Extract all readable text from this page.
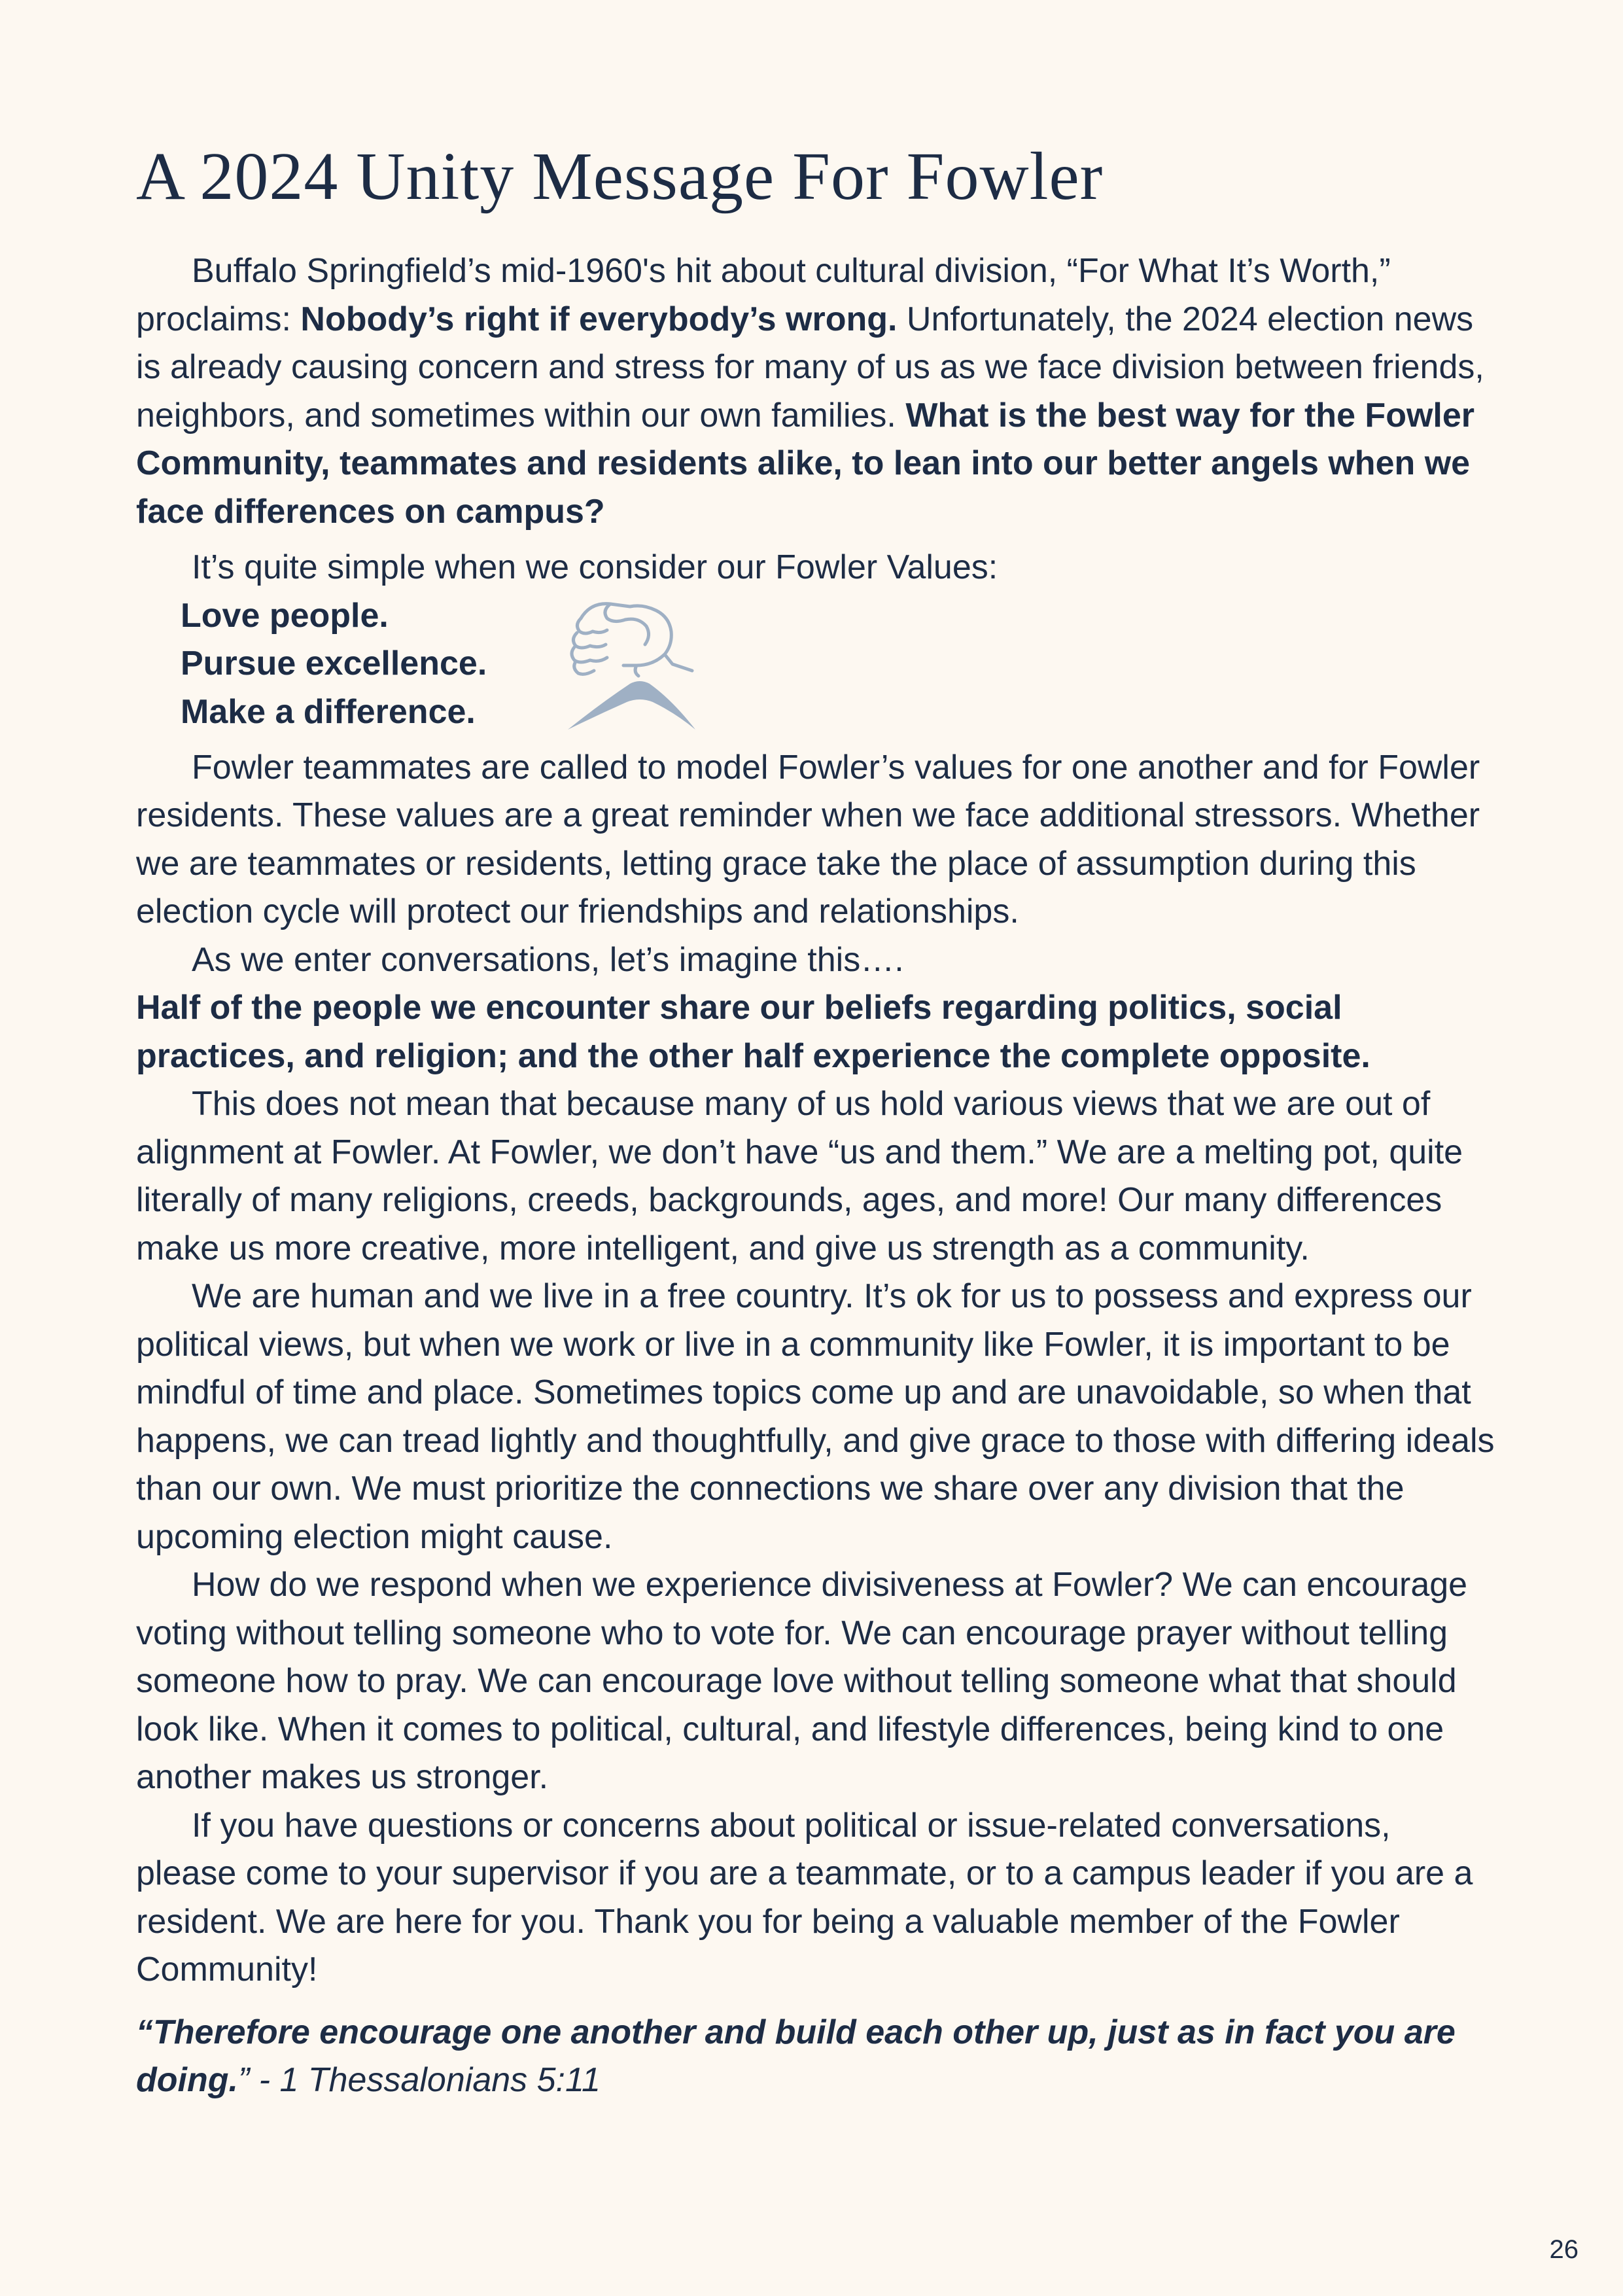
A 2024 Unity Message For Fowler

Buffalo Springfield’s mid-1960's hit about cultural division, “For What It’s Worth,” proclaims: Nobody’s right if everybody’s wrong. Unfortunately, the 2024 election news is already causing concern and stress for many of us as we face division between friends, neighbors, and sometimes within our own families. What is the best way for the Fowler Community, teammates and residents alike, to lean into our better angels when we face differences on campus?

It’s quite simple when we consider our Fowler Values:

Love people.

Pursue excellence.

Make a difference.

Fowler teammates are called to model Fowler’s values for one another and for Fowler residents. These values are a great reminder when we face additional stressors. Whether we are teammates or residents, letting grace take the place of assumption during this election cycle will protect our friendships and relationships.

As we enter conversations, let’s imagine this….

Half of the people we encounter share our beliefs regarding politics, social practices, and religion; and the other half experience the complete opposite.

This does not mean that because many of us hold various views that we are out of alignment at Fowler. At Fowler, we don’t have “us and them.” We are a melting pot, quite literally of many religions, creeds, backgrounds, ages, and more! Our many differences make us more creative, more intelligent, and give us strength as a community.

We are human and we live in a free country. It’s ok for us to possess and express our political views, but when we work or live in a community like Fowler, it is important to be mindful of time and place. Sometimes topics come up and are unavoidable, so when that happens, we can tread lightly and thoughtfully, and give grace to those with differing ideals than our own. We must prioritize the connections we share over any division that the upcoming election might cause.

How do we respond when we experience divisiveness at Fowler? We can encourage voting without telling someone who to vote for. We can encourage prayer without telling someone how to pray. We can encourage love without telling someone what that should look like. When it comes to political, cultural, and lifestyle differences, being kind to one another makes us stronger.

If you have questions or concerns about political or issue-related conversations, please come to your supervisor if you are a teammate, or to a campus leader if you are a resident. We are here for you. Thank you for being a valuable member of the Fowler Community!

“Therefore encourage one another and build each other up, just as in fact you are doing.” - 1 Thessalonians 5:11

26
